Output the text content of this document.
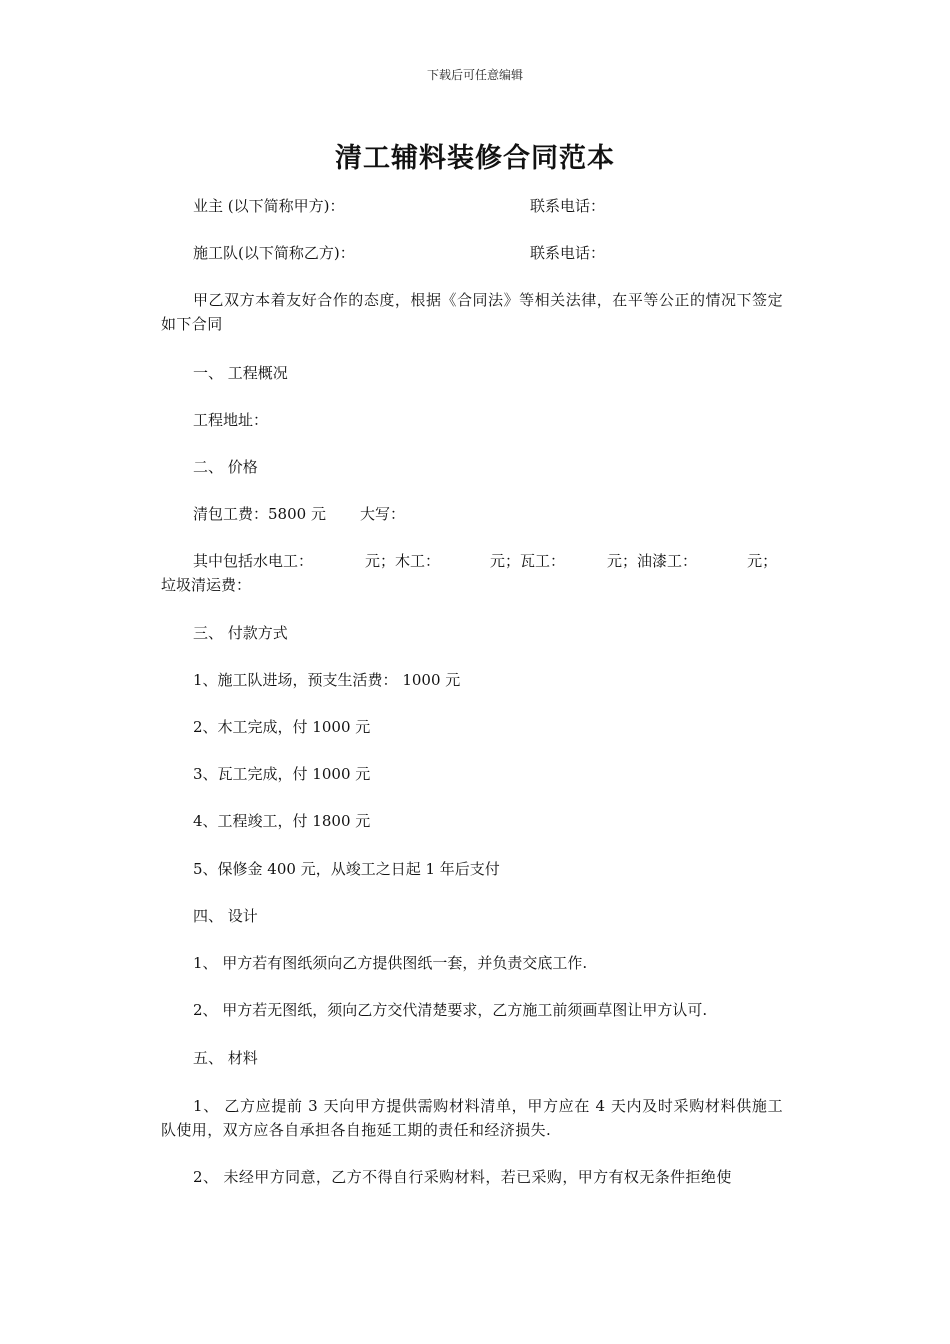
下载后可任意编辑
清工辅料装修合同范本
业主 (以下简称甲方)：	联系电话：
施工队(以下简称乙方)：	联系电话：
甲乙双方本着友好合作的态度，根据《合同法》等相关法律，在平等公正的情况下签定如下合同
一、 工程概况
工程地址：
二、 价格
清包工费：5800 元 大写：
其中包括水电工：	元；木工：	元；瓦工：	元；油漆工：	元；
垃圾清运费：
三、 付款方式
1、施工队进场，预支生活费： 1000 元
2、木工完成，付 1000 元
3、瓦工完成，付 1000 元
4、工程竣工，付 1800 元
5、保修金 400 元，从竣工之日起 1 年后支付
四、 设计
1、 甲方若有图纸须向乙方提供图纸一套，并负责交底工作.
2、 甲方若无图纸，须向乙方交代清楚要求，乙方施工前须画草图让甲方认可.
五、 材料
1、 乙方应提前 3 天向甲方提供需购材料清单，甲方应在 4 天内及时采购材料供施工队使用，双方应各自承担各自拖延工期的责任和经济损失.
2、 未经甲方同意，乙方不得自行采购材料，若已采购，甲方有权无条件拒绝使
